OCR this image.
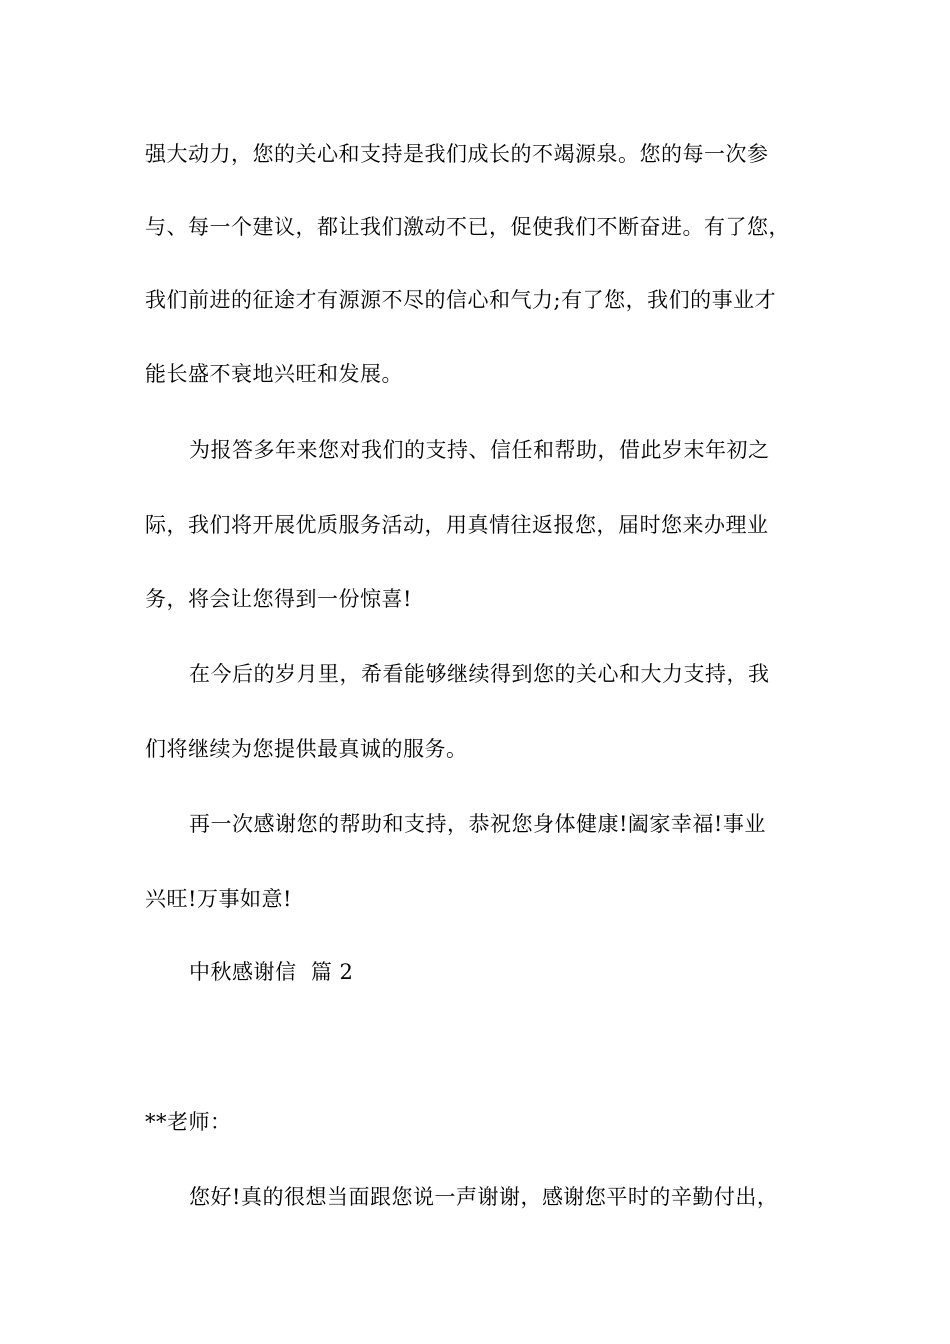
强大动力，您的关心和支持是我们成长的不竭源泉。您的每一次参
与、每一个建议，都让我们激动不已，促使我们不断奋进。有了您，
我们前进的征途才有源源不尽的信心和气力;有了您，我们的事业才
能长盛不衰地兴旺和发展。
为报答多年来您对我们的支持、信任和帮助，借此岁末年初之
际，我们将开展优质服务活动，用真情往返报您，届时您来办理业
务，将会让您得到一份惊喜!
在今后的岁月里，希看能够继续得到您的关心和大力支持，我
们将继续为您提供最真诚的服务。
再一次感谢您的帮助和支持，恭祝您身体健康!阖家幸福!事业
兴旺!万事如意!
中秋感谢信  篇 2
**老师：
您好!真的很想当面跟您说一声谢谢，感谢您平时的辛勤付出，
